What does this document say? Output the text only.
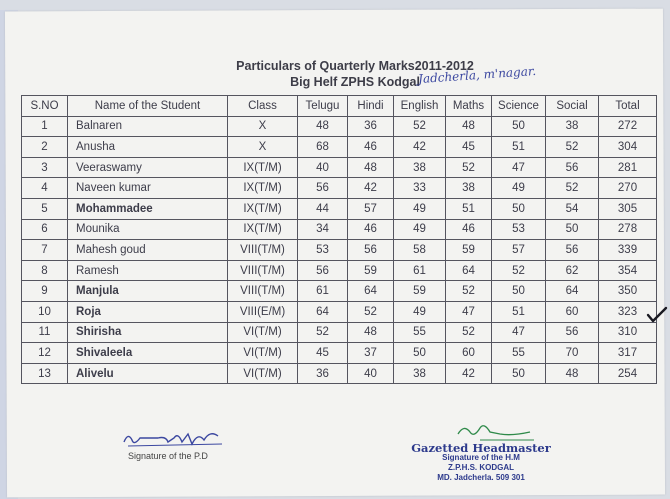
Particulars of Quarterly Marks2011-2012
Big Helf ZPHS Kodgal
Jadcherla, m'nagar.
S.NO	Name of the Student	Class	Telugu	Hindi	English	Maths	Science	Social	Total
1	Balnaren	X	48	36	52	48	50	38	272
2	Anusha	X	68	46	42	45	51	52	304
3	Veeraswamy	IX(T/M)	40	48	38	52	47	56	281
4	Naveen kumar	IX(T/M)	56	42	33	38	49	52	270
5	Mohammadee	IX(T/M)	44	57	49	51	50	54	305
6	Mounika	IX(T/M)	34	46	49	46	53	50	278
7	Mahesh goud	VIII(T/M)	53	56	58	59	57	56	339
8	Ramesh	VIII(T/M)	56	59	61	64	52	62	354
9	Manjula	VIII(T/M)	61	64	59	52	50	64	350
10	Roja	VIII(E/M)	64	52	49	47	51	60	323
11	Shirisha	VI(T/M)	52	48	55	52	47	56	310
12	Shivaleela	VI(T/M)	45	37	50	60	55	70	317
13	Alivelu	VI(T/M)	36	40	38	42	50	48	254
Signature of the P.D
Gazetted Headmaster
Signature of the H.M
Z.P.H.S. KODGAL
MD. Jadcherla. 509 301
